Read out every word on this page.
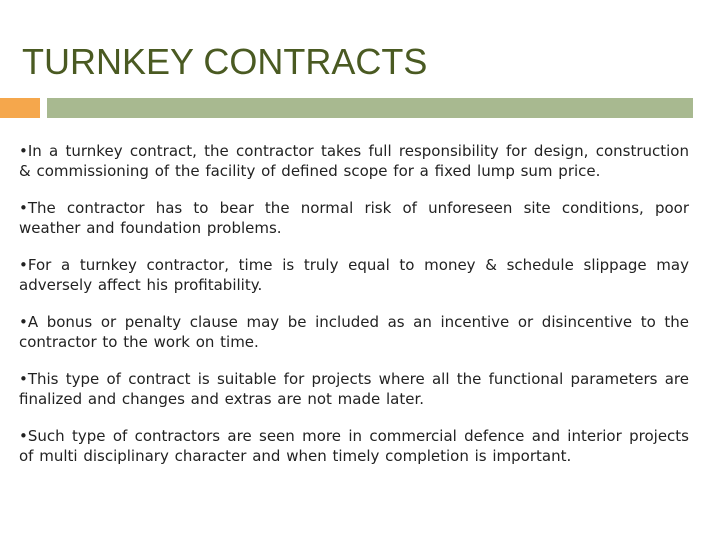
TURNKEY CONTRACTS
•In a turnkey contract, the contractor takes full responsibility for design, construction & commissioning of the facility of defined scope for a fixed lump sum price.
•The contractor has to bear the normal risk of unforeseen site conditions, poor weather and foundation problems.
•For a turnkey contractor, time is truly equal to money & schedule slippage may adversely affect his profitability.
•A bonus or penalty clause may be included as an incentive or disincentive to the contractor to the work on time.
•This type of contract is suitable for projects where all the functional parameters are finalized and changes and extras are not made later.
•Such type of contractors are seen more in commercial defence and interior projects of multi disciplinary character and when timely completion is important.
